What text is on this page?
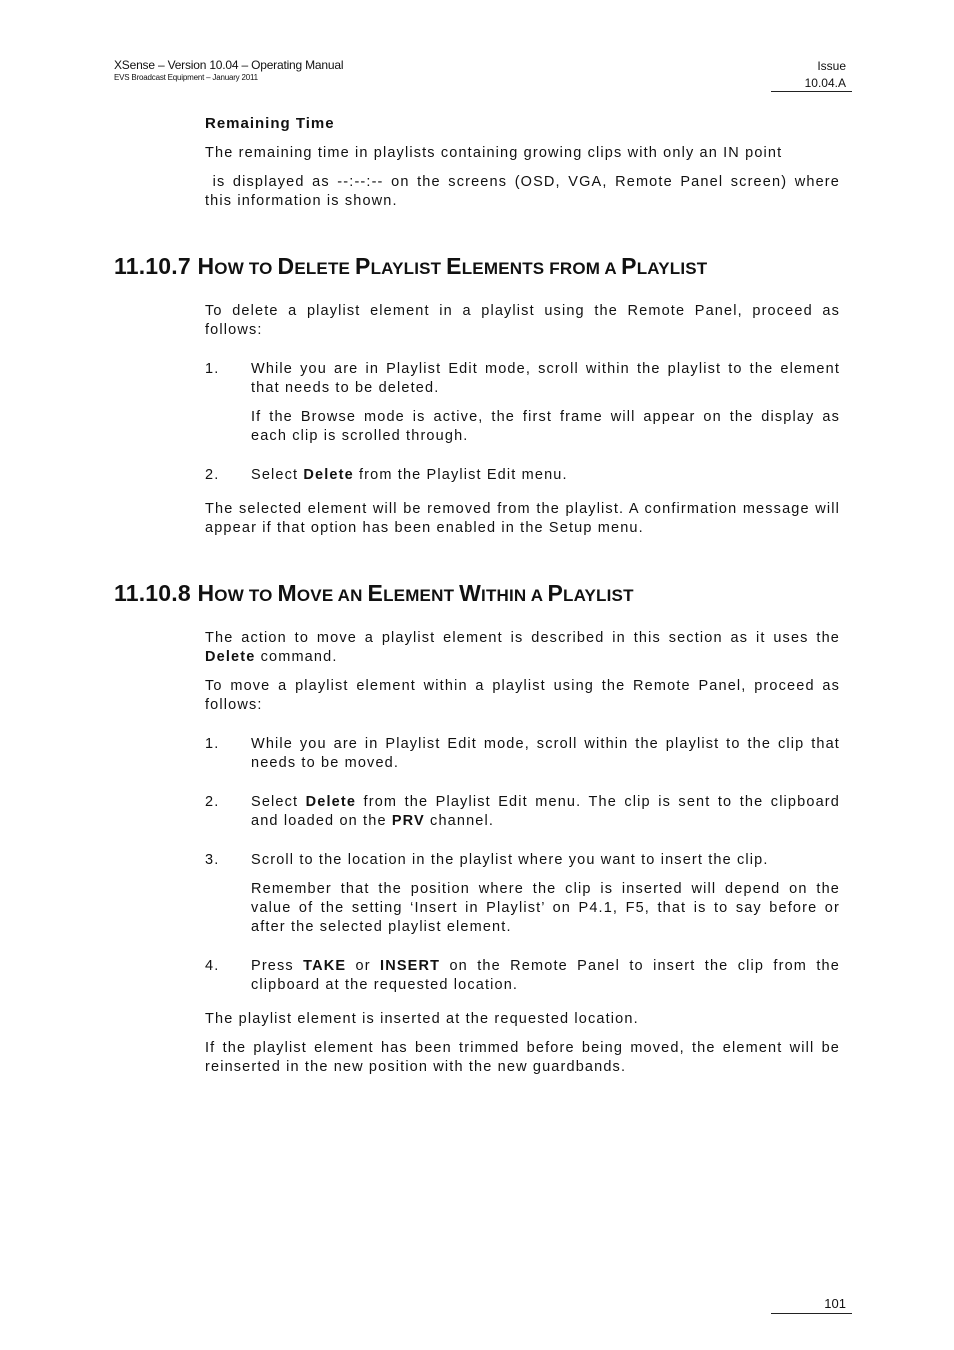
XSense – Version 10.04 – Operating Manual
EVS Broadcast Equipment – January 2011
Issue
10.04.A
Remaining Time
The remaining time in playlists containing growing clips with only an IN point
is displayed as --:--:-- on the screens (OSD, VGA, Remote Panel screen) where this information is shown.
11.10.7 HOW TO DELETE PLAYLIST ELEMENTS FROM A PLAYLIST
To delete a playlist element in a playlist using the Remote Panel, proceed as follows:
1. While you are in Playlist Edit mode, scroll within the playlist to the element that needs to be deleted.
If the Browse mode is active, the first frame will appear on the display as each clip is scrolled through.
2. Select Delete from the Playlist Edit menu.
The selected element will be removed from the playlist. A confirmation message will appear if that option has been enabled in the Setup menu.
11.10.8 HOW TO MOVE AN ELEMENT WITHIN A PLAYLIST
The action to move a playlist element is described in this section as it uses the Delete command.
To move a playlist element within a playlist using the Remote Panel, proceed as follows:
1. While you are in Playlist Edit mode, scroll within the playlist to the clip that needs to be moved.
2. Select Delete from the Playlist Edit menu. The clip is sent to the clipboard and loaded on the PRV channel.
3. Scroll to the location in the playlist where you want to insert the clip.
Remember that the position where the clip is inserted will depend on the value of the setting ‘Insert in Playlist’ on P4.1, F5, that is to say before or after the selected playlist element.
4. Press TAKE or INSERT on the Remote Panel to insert the clip from the clipboard at the requested location.
The playlist element is inserted at the requested location.
If the playlist element has been trimmed before being moved, the element will be reinserted in the new position with the new guardbands.
101
